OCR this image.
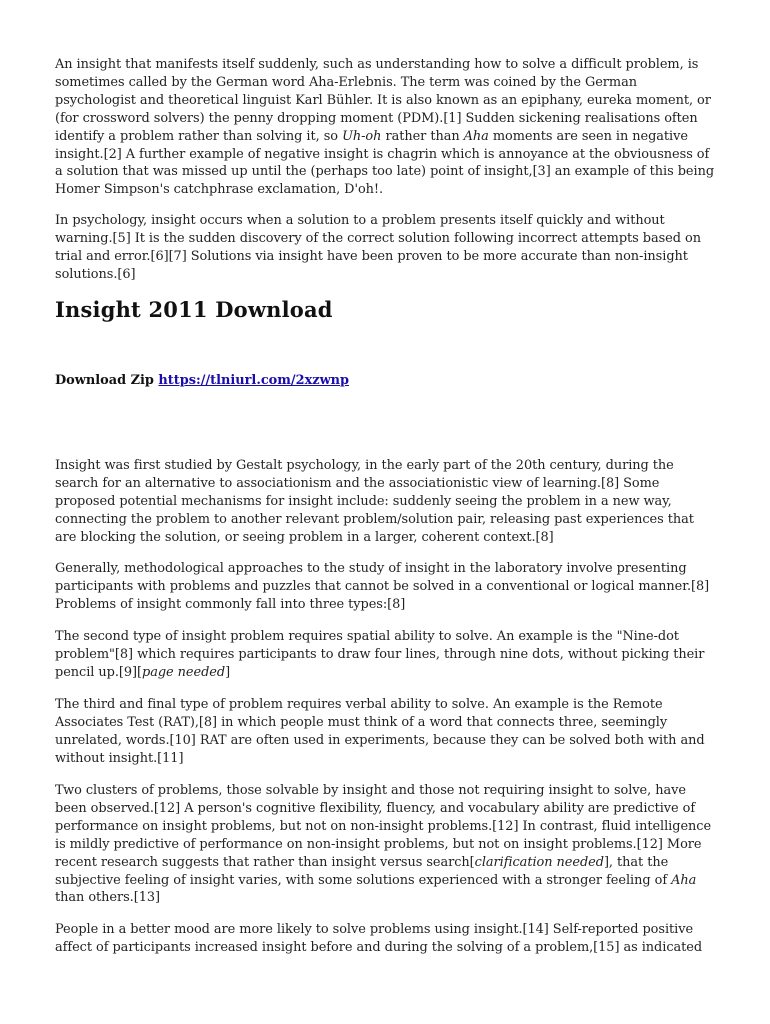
An insight that manifests itself suddenly, such as understanding how to solve a difficult problem, is sometimes called by the German word Aha-Erlebnis. The term was coined by the German psychologist and theoretical linguist Karl Bühler. It is also known as an epiphany, eureka moment, or (for crossword solvers) the penny dropping moment (PDM).[1] Sudden sickening realisations often identify a problem rather than solving it, so Uh-oh rather than Aha moments are seen in negative insight.[2] A further example of negative insight is chagrin which is annoyance at the obviousness of a solution that was missed up until the (perhaps too late) point of insight,[3] an example of this being Homer Simpson's catchphrase exclamation, D'oh!.

In psychology, insight occurs when a solution to a problem presents itself quickly and without warning.[5] It is the sudden discovery of the correct solution following incorrect attempts based on trial and error.[6][7] Solutions via insight have been proven to be more accurate than non-insight solutions.[6]

Insight 2011 Download

Download Zip https://tlniurl.com/2xzwnp

Insight was first studied by Gestalt psychology, in the early part of the 20th century, during the search for an alternative to associationism and the associationistic view of learning.[8] Some proposed potential mechanisms for insight include: suddenly seeing the problem in a new way, connecting the problem to another relevant problem/solution pair, releasing past experiences that are blocking the solution, or seeing problem in a larger, coherent context.[8]

Generally, methodological approaches to the study of insight in the laboratory involve presenting participants with problems and puzzles that cannot be solved in a conventional or logical manner.[8] Problems of insight commonly fall into three types:[8]

The second type of insight problem requires spatial ability to solve. An example is the "Nine-dot problem"[8] which requires participants to draw four lines, through nine dots, without picking their pencil up.[9][page needed]

The third and final type of problem requires verbal ability to solve. An example is the Remote Associates Test (RAT),[8] in which people must think of a word that connects three, seemingly unrelated, words.[10] RAT are often used in experiments, because they can be solved both with and without insight.[11]

Two clusters of problems, those solvable by insight and those not requiring insight to solve, have been observed.[12] A person's cognitive flexibility, fluency, and vocabulary ability are predictive of performance on insight problems, but not on non-insight problems.[12] In contrast, fluid intelligence is mildly predictive of performance on non-insight problems, but not on insight problems.[12] More recent research suggests that rather than insight versus search[clarification needed], that the subjective feeling of insight varies, with some solutions experienced with a stronger feeling of Aha than others.[13]

People in a better mood are more likely to solve problems using insight.[14] Self-reported positive affect of participants increased insight before and during the solving of a problem,[15] as indicated
